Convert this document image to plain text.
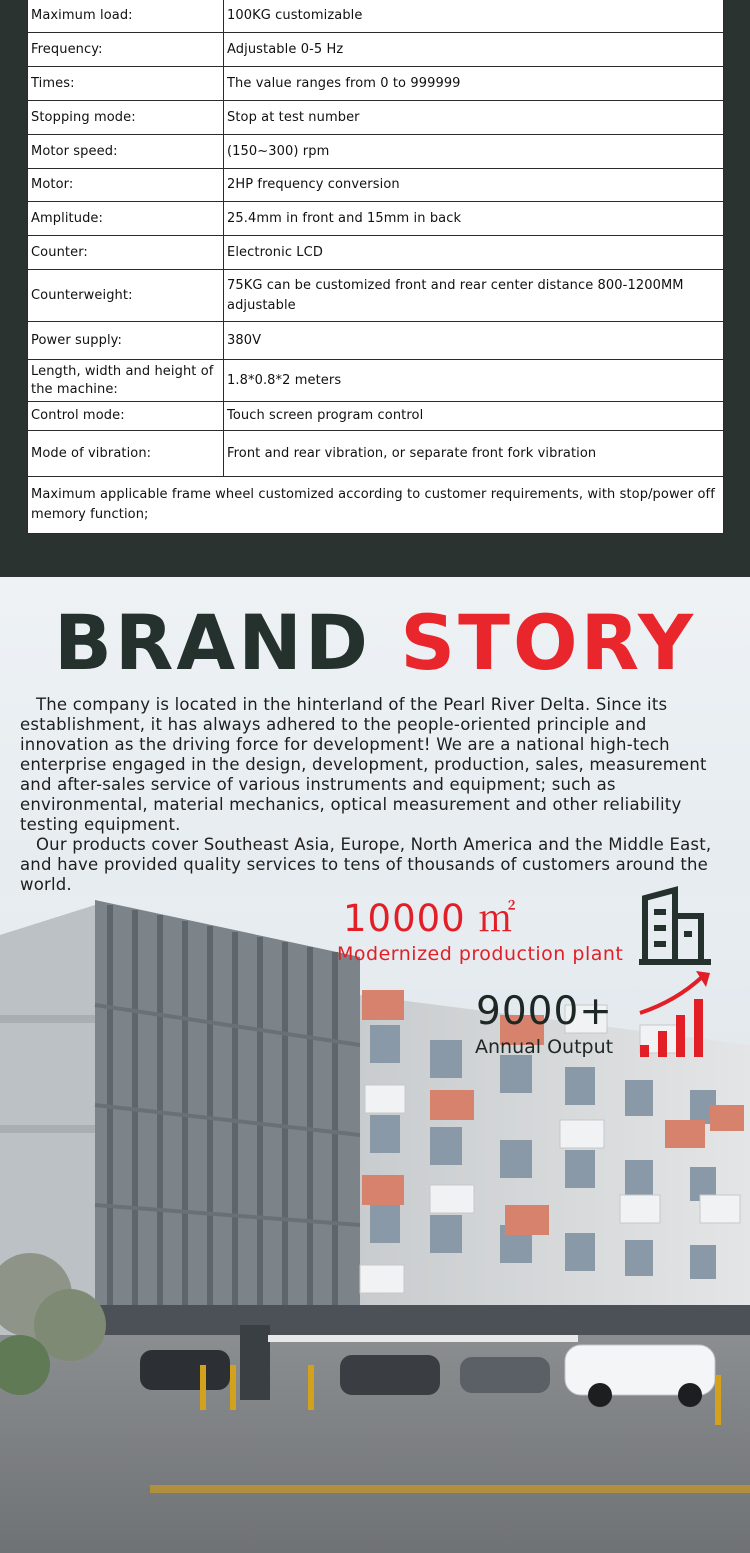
Maximum load:	100KG customizable
Frequency:	Adjustable 0-5 Hz
Times:	The value ranges from 0 to 999999
Stopping mode:	Stop at test number
Motor speed:	(150~300) rpm
Motor:	2HP frequency conversion
Amplitude:	25.4mm in front and 15mm in back
Counter:	Electronic LCD
Counterweight:	75KG can be customized front and rear center distance 800-1200MM adjustable
Power supply:	380V
Length, width and height of the machine:	1.8*0.8*2 meters
Control mode:	Touch screen program control
Mode of vibration:	Front and rear vibration, or separate front fork vibration
Maximum applicable frame wheel customized according to customer requirements, with stop/power off memory function;	
BRAND STORY

The company is located in the hinterland of the Pearl River Delta. Since its establishment, it has always adhered to the people-oriented principle and innovation as the driving force for development! We are a national high-tech enterprise engaged in the design, development, production, sales, measurement and after-sales service of various instruments and equipment; such as environmental, material mechanics, optical measurement and other reliability testing equipment.

Our products cover Southeast Asia, Europe, North America and the Middle East, and have provided quality services to tens of thousands of customers around the world.

10000 ㎡
Modernized production plant
9000+
Annual Output
